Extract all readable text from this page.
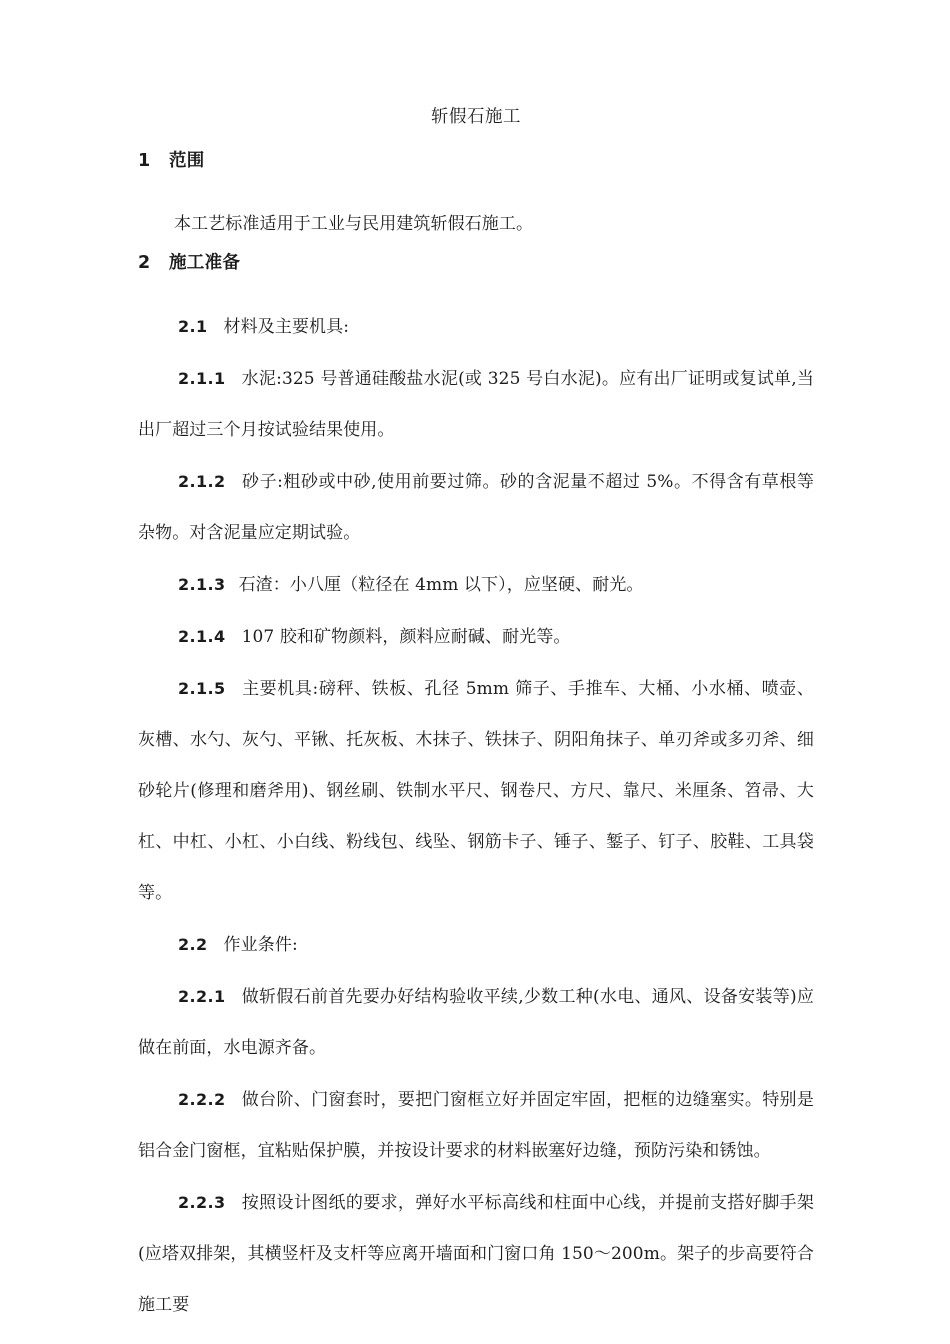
斩假石施工
1 范围

本工艺标准适用于工业与民用建筑斩假石施工。

2 施工准备

2.1 材料及主要机具:

2.1.1 水泥:325 号普通硅酸盐水泥(或 325 号白水泥)。应有出厂证明或复试单,当出厂超过三个月按试验结果使用。

2.1.2 砂子:粗砂或中砂,使用前要过筛。砂的含泥量不超过 5%。不得含有草根等杂物。对含泥量应定期试验。

2.1.3 石渣：小八厘（粒径在 4mm 以下），应坚硬、耐光。

2.1.4 107 胶和矿物颜料，颜料应耐碱、耐光等。

2.1.5 主要机具:磅秤、铁板、孔径 5mm 筛子、手推车、大桶、小水桶、喷壶、灰槽、水勺、灰勺、平锹、托灰板、木抹子、铁抹子、阴阳角抹子、单刃斧或多刃斧、细砂轮片(修理和磨斧用)、钢丝刷、铁制水平尺、钢卷尺、方尺、靠尺、米厘条、笤帚、大杠、中杠、小杠、小白线、粉线包、线坠、钢筋卡子、锤子、錾子、钉子、胶鞋、工具袋等。

2.2 作业条件:

2.2.1 做斩假石前首先要办好结构验收平续,少数工种(水电、通风、设备安装等)应做在前面，水电源齐备。

2.2.2 做台阶、门窗套时，要把门窗框立好并固定牢固，把框的边缝塞实。特别是铝合金门窗框，宜粘贴保护膜，并按设计要求的材料嵌塞好边缝，预防污染和锈蚀。

2.2.3 按照设计图纸的要求，弹好水平标高线和柱面中心线，并提前支搭好脚手架(应塔双排架，其横竖杆及支杆等应离开墙面和门窗口角 150〜200m。架子的步高要符合施工要
